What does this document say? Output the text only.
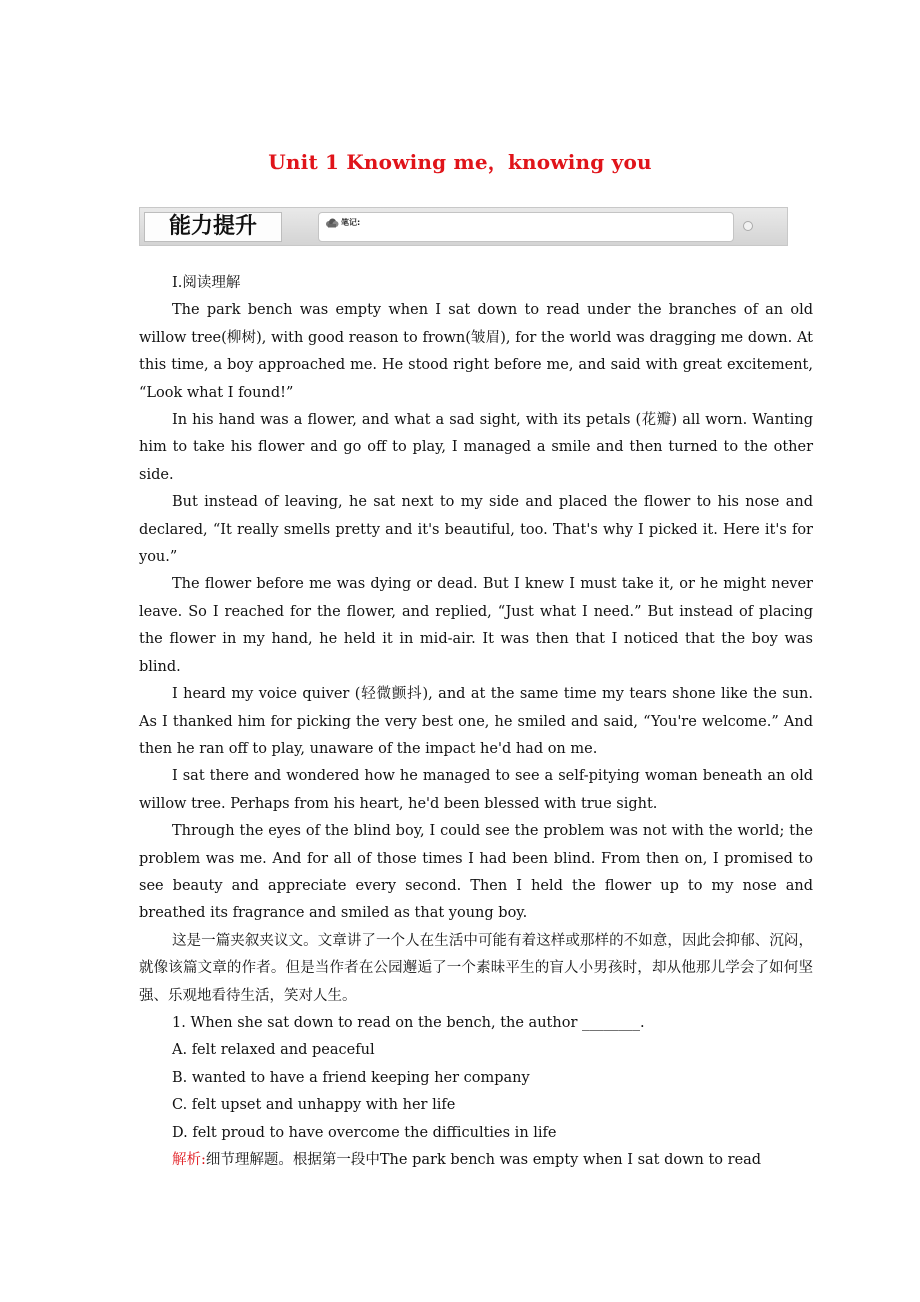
Unit 1 Knowing me，knowing you
能力提升	笔记:

Ⅰ.阅读理解

The park bench was empty when I sat down to read under the branches of an old willow tree(柳树), with good reason to frown(皱眉), for the world was dragging me down. At this time, a boy approached me. He stood right before me, and said with great excitement, “Look what I found!”

In his hand was a flower, and what a sad sight, with its petals (花瓣) all worn. Wanting him to take his flower and go off to play, I managed a smile and then turned to the other side.

But instead of leaving, he sat next to my side and placed the flower to his nose and declared, “It really smells pretty and it's beautiful, too. That's why I picked it. Here it's for you.”

The flower before me was dying or dead. But I knew I must take it, or he might never leave. So I reached for the flower, and replied, “Just what I need.” But instead of placing the flower in my hand, he held it in mid-air. It was then that I noticed that the boy was blind.

I heard my voice quiver (轻微颤抖), and at the same time my tears shone like the sun. As I thanked him for picking the very best one, he smiled and said, “You're welcome.” And then he ran off to play, unaware of the impact he'd had on me.

I sat there and wondered how he managed to see a self-pitying woman beneath an old willow tree. Perhaps from his heart, he'd been blessed with true sight.

Through the eyes of the blind boy, I could see the problem was not with the world; the problem was me. And for all of those times I had been blind. From then on, I promised to see beauty and appreciate every second. Then I held the flower up to my nose and breathed its fragrance and smiled as that young boy.

这是一篇夹叙夹议文。文章讲了一个人在生活中可能有着这样或那样的不如意，因此会抑郁、沉闷，就像该篇文章的作者。但是当作者在公园邂逅了一个素昧平生的盲人小男孩时，却从他那儿学会了如何坚强、乐观地看待生活，笑对人生。

1. When she sat down to read on the bench, the author ________.

A. felt relaxed and peaceful

B. wanted to have a friend keeping her company

C. felt upset and unhappy with her life

D. felt proud to have overcome the difficulties in life

解析:细节理解题。根据第一段中The park bench was empty when I sat down to read
